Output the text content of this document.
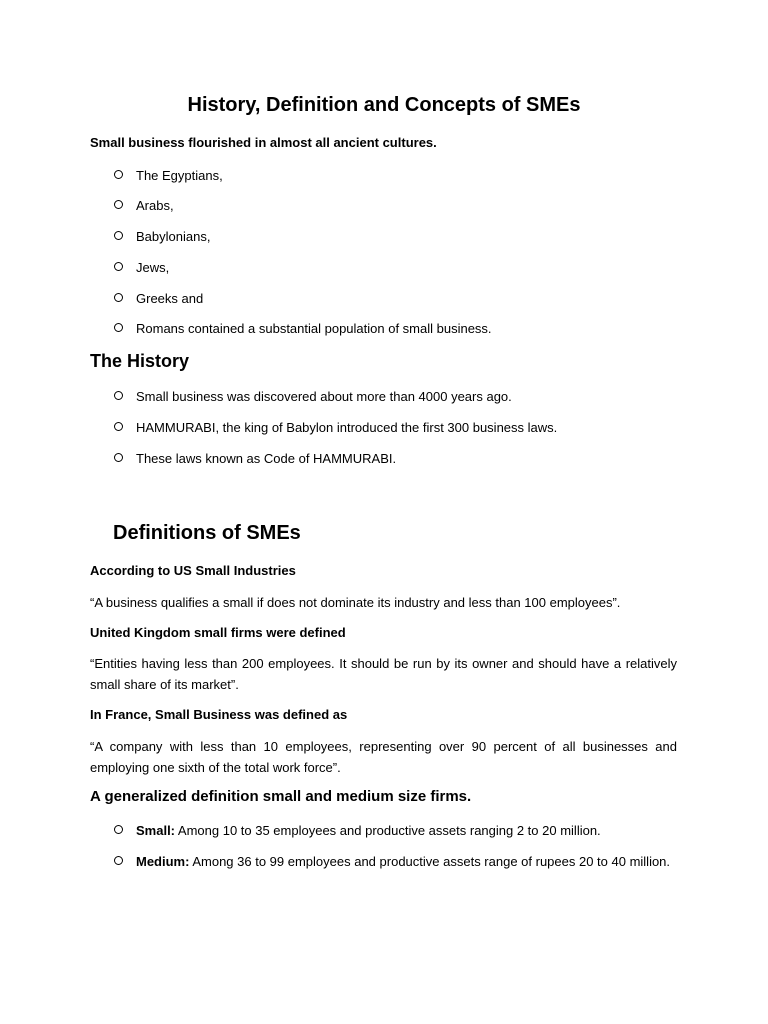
History, Definition and Concepts of SMEs
Small business flourished in almost all ancient cultures.
The Egyptians,
Arabs,
Babylonians,
Jews,
Greeks and
Romans contained a substantial population of small business.
The History
Small business was discovered about more than 4000 years ago.
HAMMURABI, the king of Babylon introduced the first 300 business laws.
These laws known as Code of HAMMURABI.
Definitions of SMEs
According to US Small Industries
“A business qualifies a small if does not dominate its industry and less than 100 employees”.
United Kingdom small firms were defined
“Entities having less than 200 employees. It should be run by its owner and should have a relatively small share of its market”.
In France, Small Business was defined as
“A company with less than 10 employees, representing over 90 percent of all businesses and employing one sixth of the total work force”.
A generalized definition small and medium size firms.
Small: Among 10 to 35 employees and productive assets ranging 2 to 20 million.
Medium: Among 36 to 99 employees and productive assets range of rupees 20 to 40 million.
